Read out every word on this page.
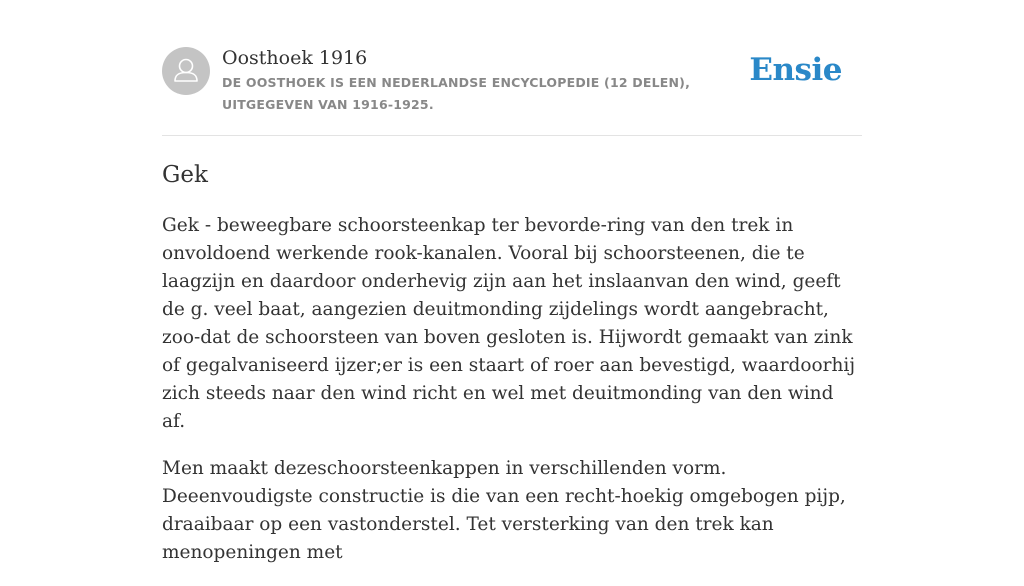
Oosthoek 1916
DE OOSTHOEK IS EEN NEDERLANDSE ENCYCLOPEDIE (12 DELEN), UITGEGEVEN VAN 1916-1925.
Ensie
Gek

Gek - beweegbare schoorsteenkap ter bevorde-ring van den trek in onvoldoend werkende rook-kanalen. Vooral bij schoorsteenen, die te laagzijn en daardoor onderhevig zijn aan het inslaanvan den wind, geeft de g. veel baat, aangezien deuitmonding zijdelings wordt aangebracht, zoo-dat de schoorsteen van boven gesloten is. Hijwordt gemaakt van zink of gegalvaniseerd ijzer;er is een staart of roer aan bevestigd, waardoorhij zich steeds naar den wind richt en wel met deuitmonding van den wind af.

Men maakt dezeschoorsteenkappen in verschillenden vorm. Deeenvoudigste constructie is die van een recht-hoekig omgebogen pijp, draaibaar op een vastonderstel. Tet versterking van den trek kan menopeningen met
